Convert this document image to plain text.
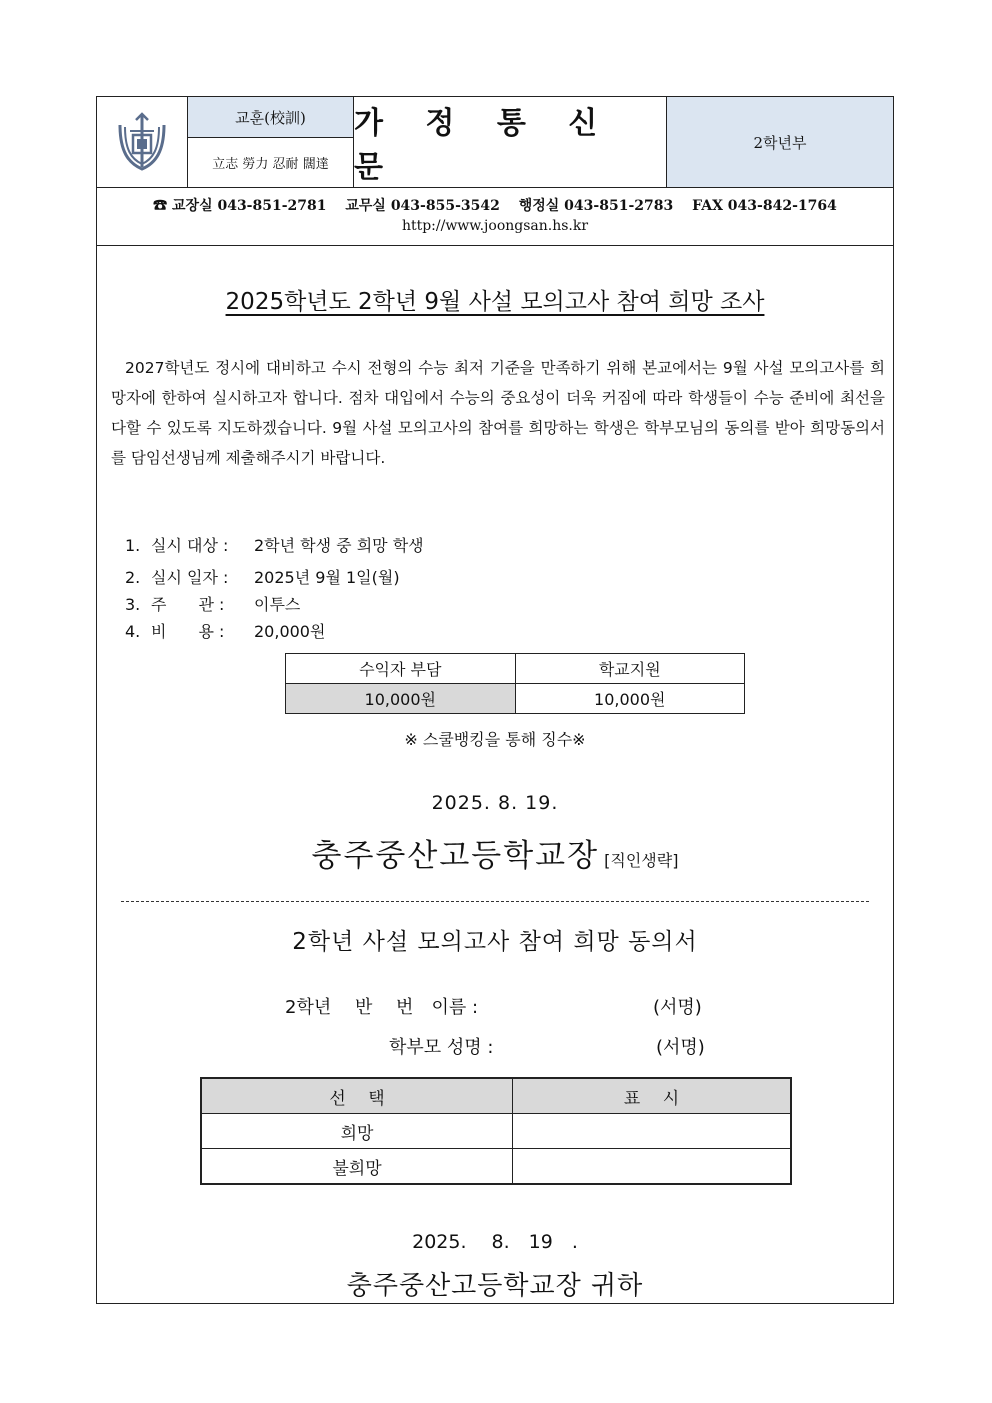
교훈(校訓)
立志 勞力 忍耐 闊達
가 정 통 신 문
2학년부
☎ 교장실 043-851-2781 교무실 043-855-3542 행정실 043-851-2783 FAX 043-842-1764
http://www.joongsan.hs.kr
2025학년도 2학년 9월 사설 모의고사 참여 희망 조사

2027학년도 정시에 대비하고 수시 전형의 수능 최저 기준을 만족하기 위해 본교에서는 9월 사설 모의고사를 희망자에 한하여 실시하고자 합니다. 점차 대입에서 수능의 중요성이 더욱 커짐에 따라 학생들이 수능 준비에 최선을 다할 수 있도록 지도하겠습니다. 9월 사설 모의고사의 참여를 희망하는 학생은 학부모님의 동의를 받아 희망동의서를 담임선생님께 제출해주시기 바랍니다.

1. 실시 대상 : 2학년 학생 중 희망 학생
2. 실시 일자 : 2025년 9월 1일(월)
3. 주　　관 : 이투스
4. 비　　용 : 20,000원
수익자 부담	학교지원
10,000원	10,000원
※ 스쿨뱅킹을 통해 징수※
2025. 8. 19.
충주중산고등학교장 [직인생략]
2학년 사설 모의고사 참여 희망 동의서
2학년　 반　 번　이름 :	(서명)
학부모 성명 :	(서명)
선　 택	표　 시
희망	
불희망	
2025.　 8.　19　.
충주중산고등학교장 귀하
